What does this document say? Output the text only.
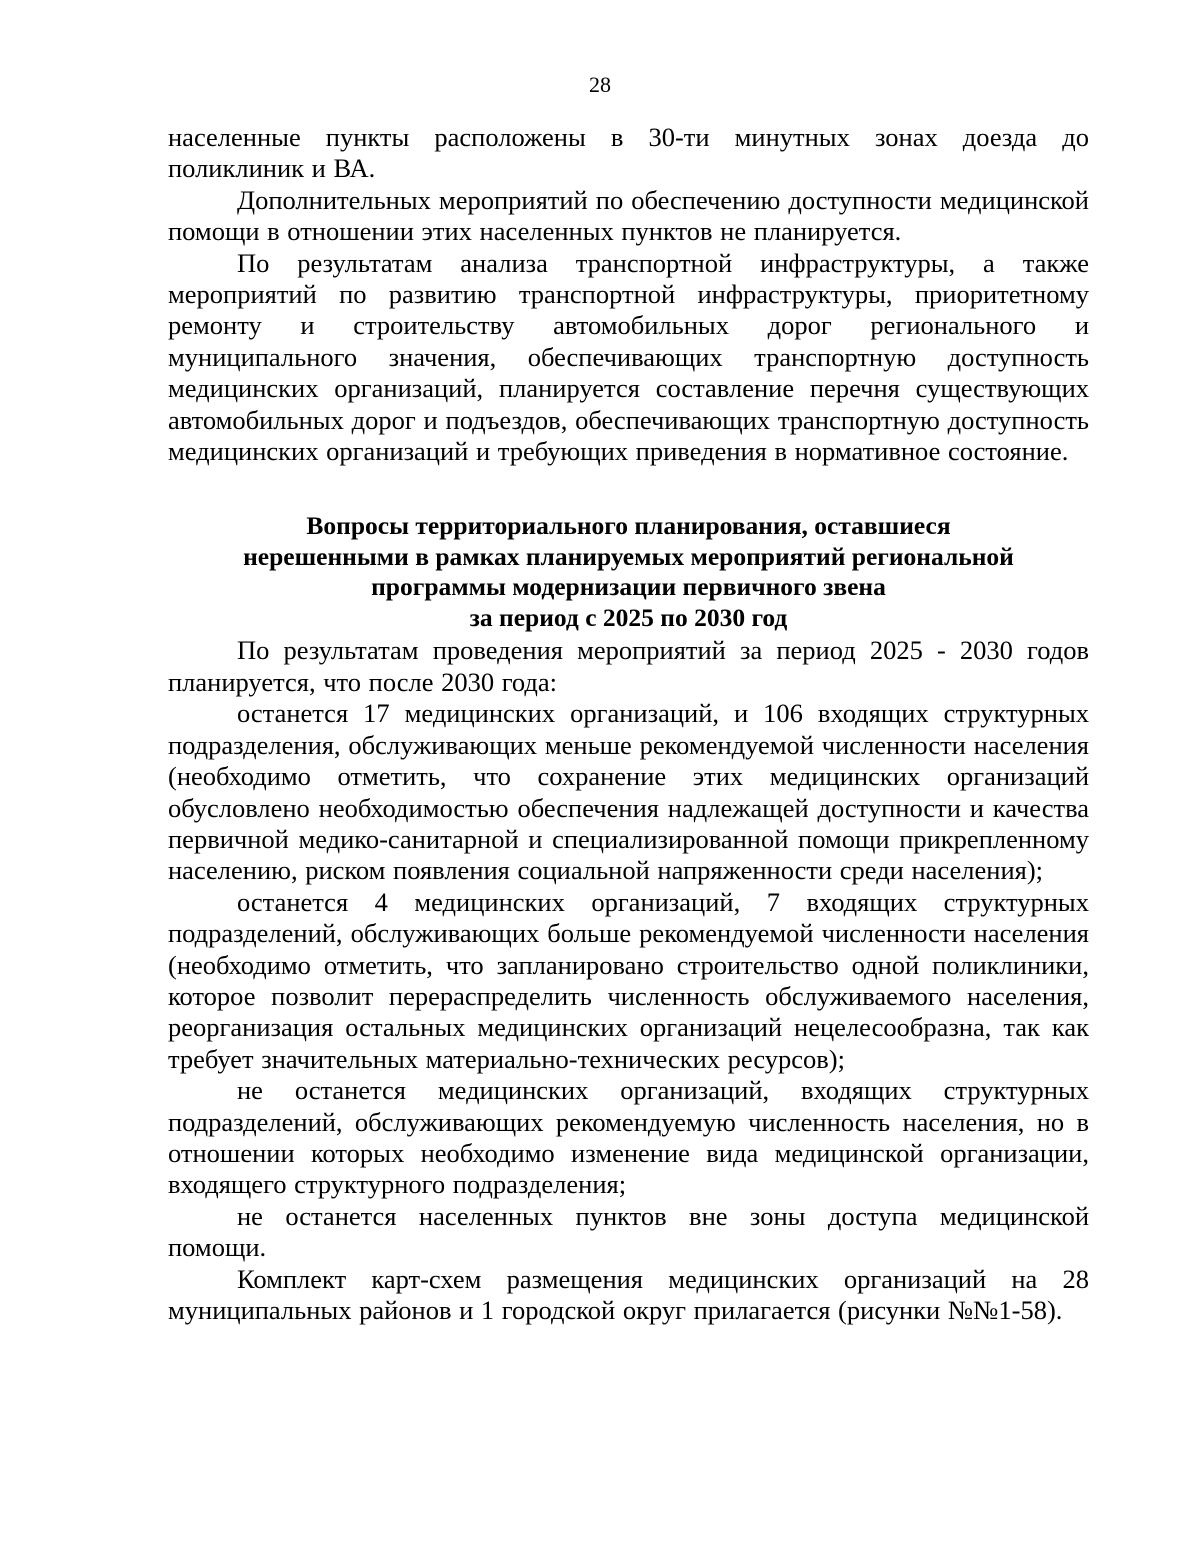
28

населенные пункты расположены в 30-ти минутных зонах доезда до поликлиник и ВА.

Дополнительных мероприятий по обеспечению доступности медицинской помощи в отношении этих населенных пунктов не планируется.

По результатам анализа транспортной инфраструктуры, а также мероприятий по развитию транспортной инфраструктуры, приоритетному ремонту и строительству автомобильных дорог регионального и муниципального значения, обеспечивающих транспортную доступность медицинских организаций, планируется составление перечня существующих автомобильных дорог и подъездов, обеспечивающих транспортную доступность медицинских организаций и требующих приведения в нормативное состояние.

Вопросы территориального планирования, оставшиеся
нерешенными в рамках планируемых мероприятий региональной
программы модернизации первичного звена
за период с 2025 по 2030 год

По результатам проведения мероприятий за период 2025 - 2030 годов планируется, что после 2030 года:

останется 17 медицинских организаций, и 106 входящих структурных подразделения, обслуживающих меньше рекомендуемой численности населения (необходимо отметить, что сохранение этих медицинских организаций обусловлено необходимостью обеспечения надлежащей доступности и качества первичной медико-санитарной и специализированной помощи прикрепленному населению, риском появления социальной напряженности среди населения);

останется 4 медицинских организаций, 7 входящих структурных подразделений, обслуживающих больше рекомендуемой численности населения (необходимо отметить, что запланировано строительство одной поликлиники, которое позволит перераспределить численность обслуживаемого населения, реорганизация остальных медицинских организаций нецелесообразна, так как требует значительных материально-технических ресурсов);

не останется медицинских организаций, входящих структурных подразделений, обслуживающих рекомендуемую численность населения, но в отношении которых необходимо изменение вида медицинской организации, входящего структурного подразделения;

не останется населенных пунктов вне зоны доступа медицинской помощи.

Комплект карт-схем размещения медицинских организаций на 28 муниципальных районов и 1 городской округ прилагается (рисунки №№1-58).
